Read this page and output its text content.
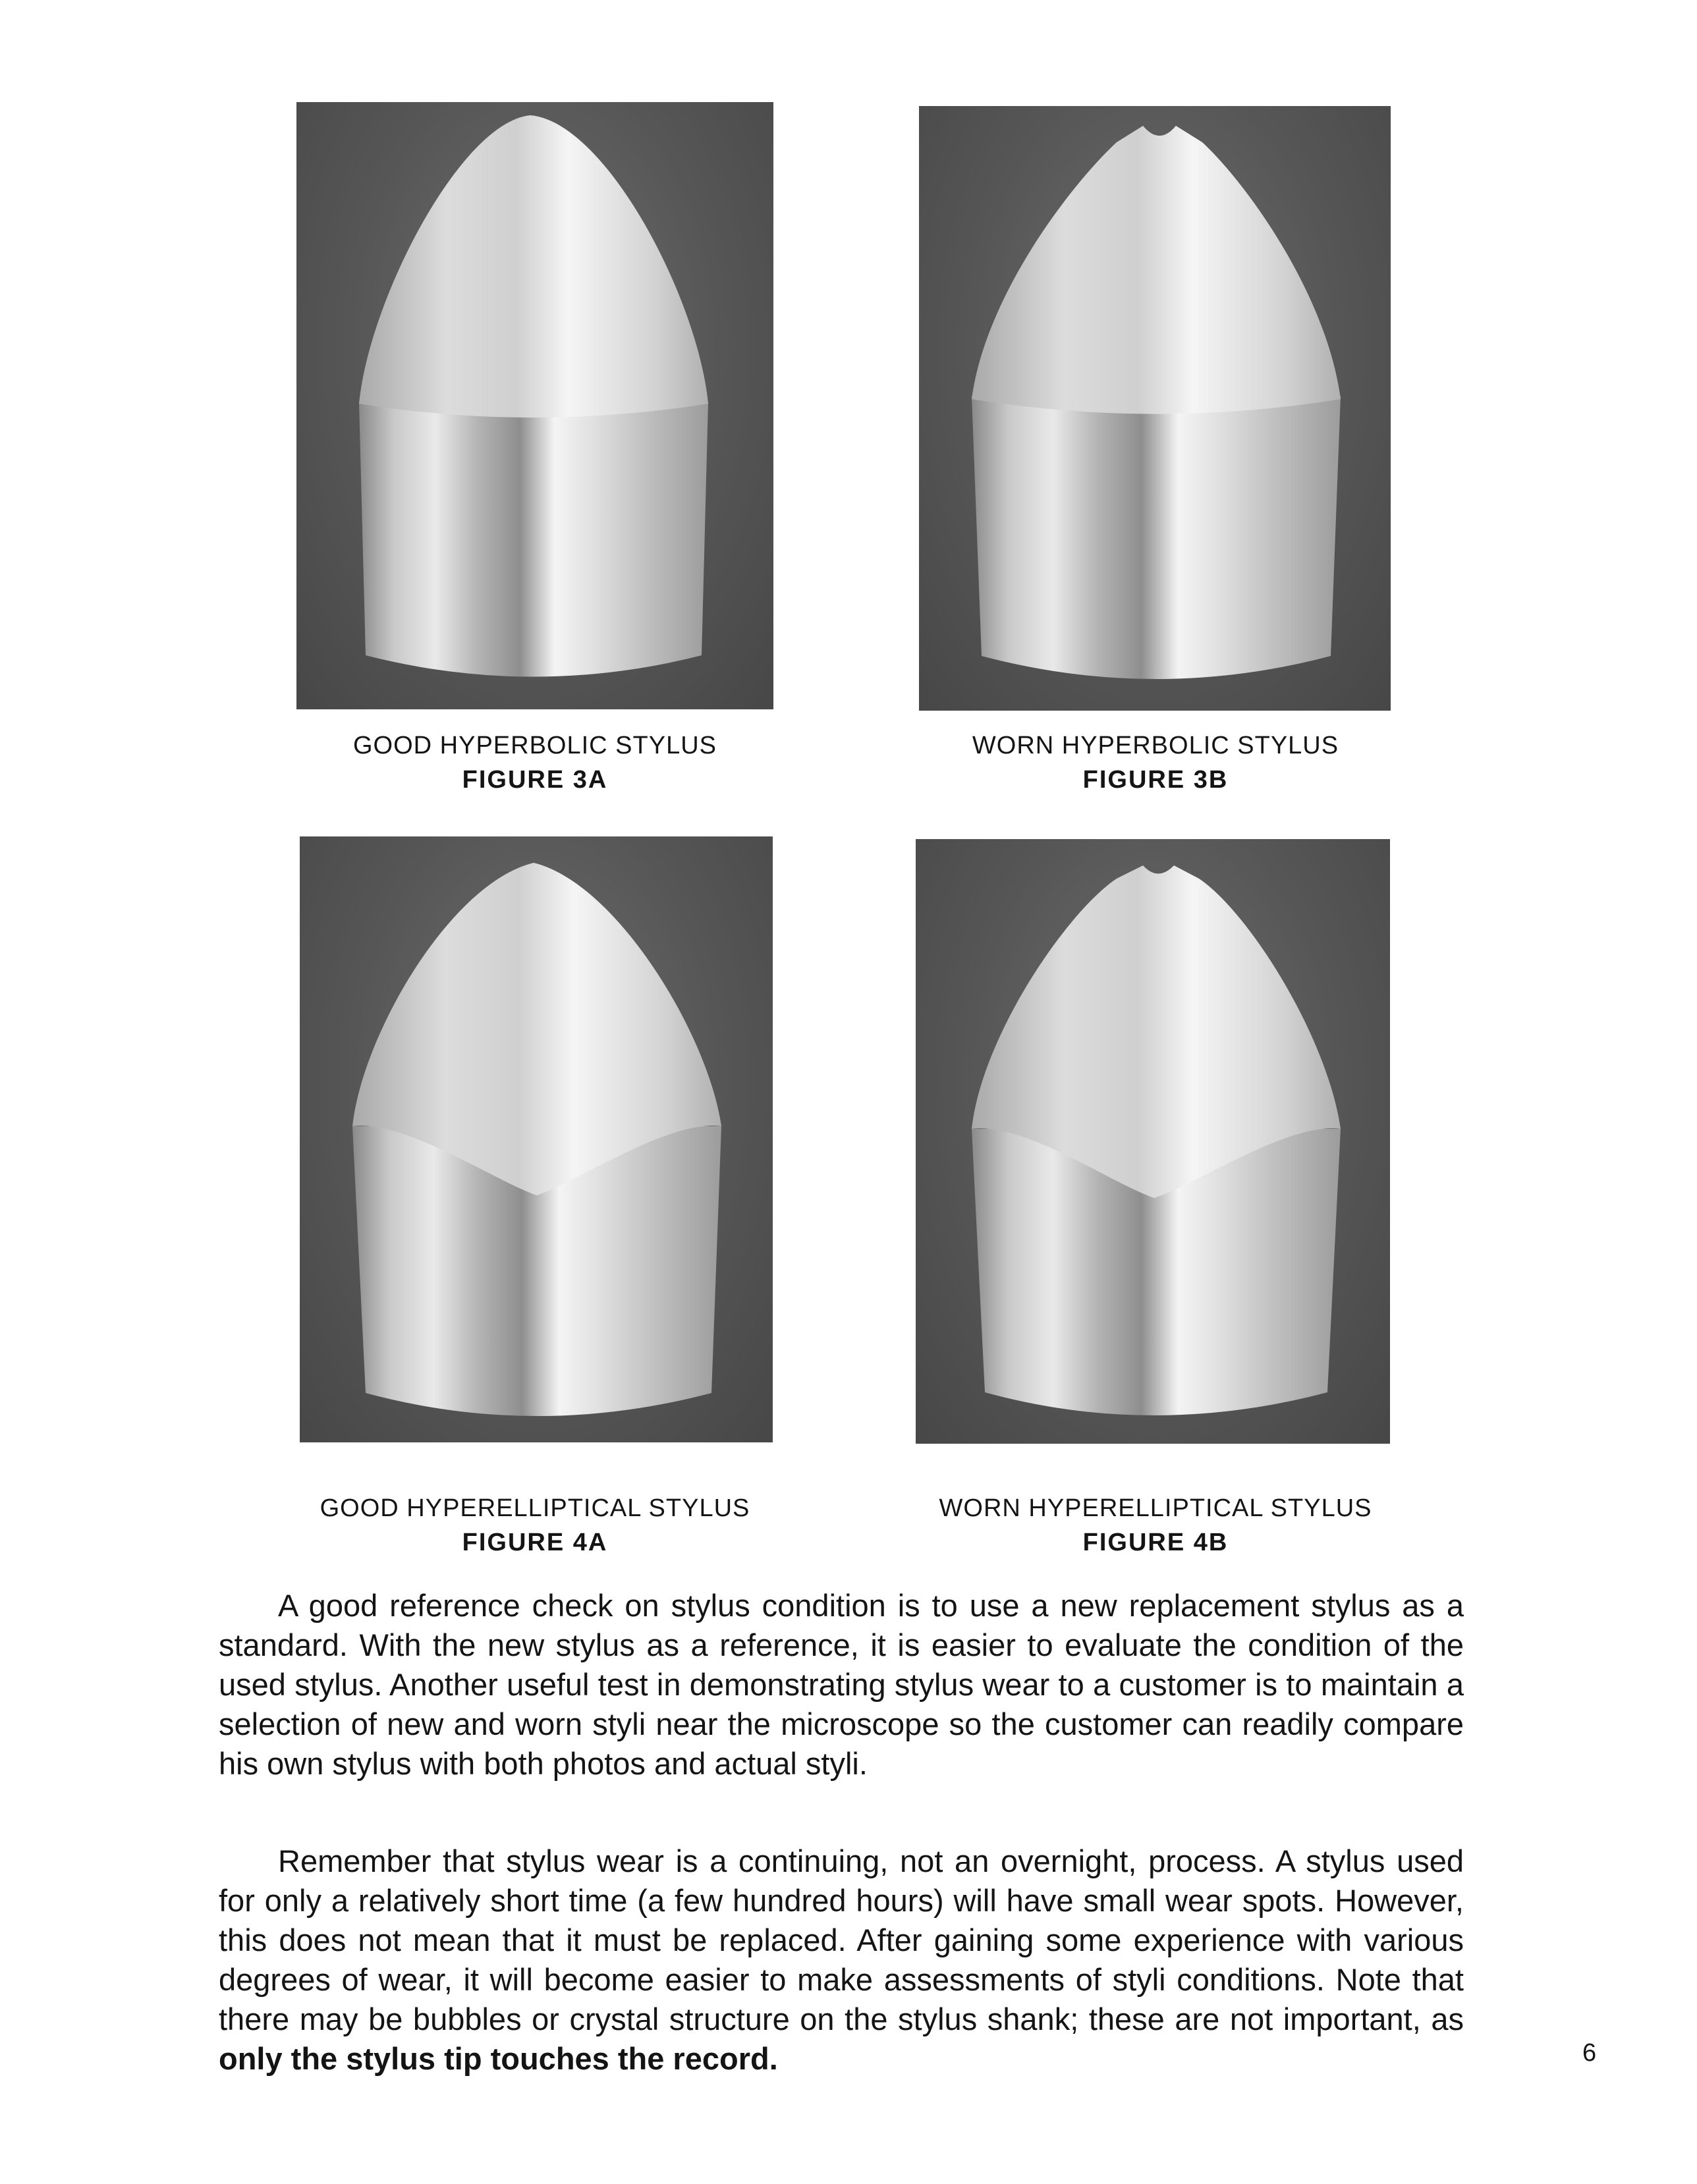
GOOD HYPERBOLIC STYLUS
FIGURE 3A
WORN HYPERBOLIC STYLUS
FIGURE 3B
GOOD HYPERELLIPTICAL STYLUS
FIGURE 4A
WORN HYPERELLIPTICAL STYLUS
FIGURE 4B

A good reference check on stylus condition is to use a new replacement stylus as a standard. With the new stylus as a reference, it is easier to evaluate the condition of the used stylus. Another useful test in demonstrating stylus wear to a customer is to maintain a selection of new and worn styli near the microscope so the customer can readily compare his own stylus with both photos and actual styli.

Remember that stylus wear is a continuing, not an overnight, process. A stylus used for only a relatively short time (a few hundred hours) will have small wear spots. However, this does not mean that it must be replaced. After gaining some experience with various degrees of wear, it will become easier to make assessments of styli conditions. Note that there may be bubbles or crystal structure on the stylus shank; these are not important, as only the stylus tip touches the record.	6
